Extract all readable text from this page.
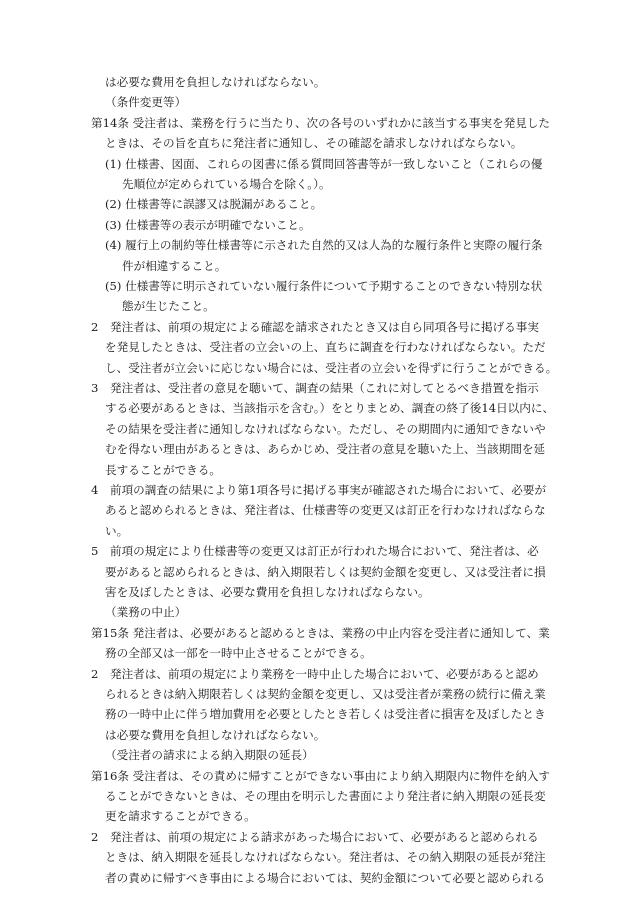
は必要な費用を負担しなければならない。
（条件変更等）
第14条 受注者は、業務を行うに当たり、次の各号のいずれかに該当する事実を発見した
ときは、その旨を直ちに発注者に通知し、その確認を請求しなければならない。
(1) 仕様書、図面、これらの図書に係る質問回答書等が一致しないこと（これらの優
先順位が定められている場合を除く。）。
(2) 仕様書等に誤謬又は脱漏があること。
(3) 仕様書等の表示が明確でないこと。
(4) 履行上の制約等仕様書等に示された自然的又は人為的な履行条件と実際の履行条
件が相違すること。
(5) 仕様書等に明示されていない履行条件について予期することのできない特別な状
態が生じたこと。
2　発注者は、前項の規定による確認を請求されたとき又は自ら同項各号に掲げる事実
を発見したときは、受注者の立会いの上、直ちに調査を行わなければならない。ただ
し、受注者が立会いに応じない場合には、受注者の立会いを得ずに行うことができる。
3　発注者は、受注者の意見を聴いて、調査の結果（これに対してとるべき措置を指示
する必要があるときは、当該指示を含む。）をとりまとめ、調査の終了後14日以内に、
その結果を受注者に通知しなければならない。ただし、その期間内に通知できないや
むを得ない理由があるときは、あらかじめ、受注者の意見を聴いた上、当該期間を延
長することができる。
4　前項の調査の結果により第1項各号に掲げる事実が確認された場合において、必要が
あると認められるときは、発注者は、仕様書等の変更又は訂正を行わなければならな
い。
5　前項の規定により仕様書等の変更又は訂正が行われた場合において、発注者は、必
要があると認められるときは、納入期限若しくは契約金額を変更し、又は受注者に損
害を及ぼしたときは、必要な費用を負担しなければならない。
（業務の中止）
第15条 発注者は、必要があると認めるときは、業務の中止内容を受注者に通知して、業
務の全部又は一部を一時中止させることができる。
2　発注者は、前項の規定により業務を一時中止した場合において、必要があると認め
られるときは納入期限若しくは契約金額を変更し、又は受注者が業務の続行に備え業
務の一時中止に伴う増加費用を必要としたとき若しくは受注者に損害を及ぼしたとき
は必要な費用を負担しなければならない。
（受注者の請求による納入期限の延長）
第16条 受注者は、その責めに帰すことができない事由により納入期限内に物件を納入す
ることができないときは、その理由を明示した書面により発注者に納入期限の延長変
更を請求することができる。
2　発注者は、前項の規定による請求があった場合において、必要があると認められる
ときは、納入期限を延長しなければならない。発注者は、その納入期限の延長が発注
者の責めに帰すべき事由による場合においては、契約金額について必要と認められる
